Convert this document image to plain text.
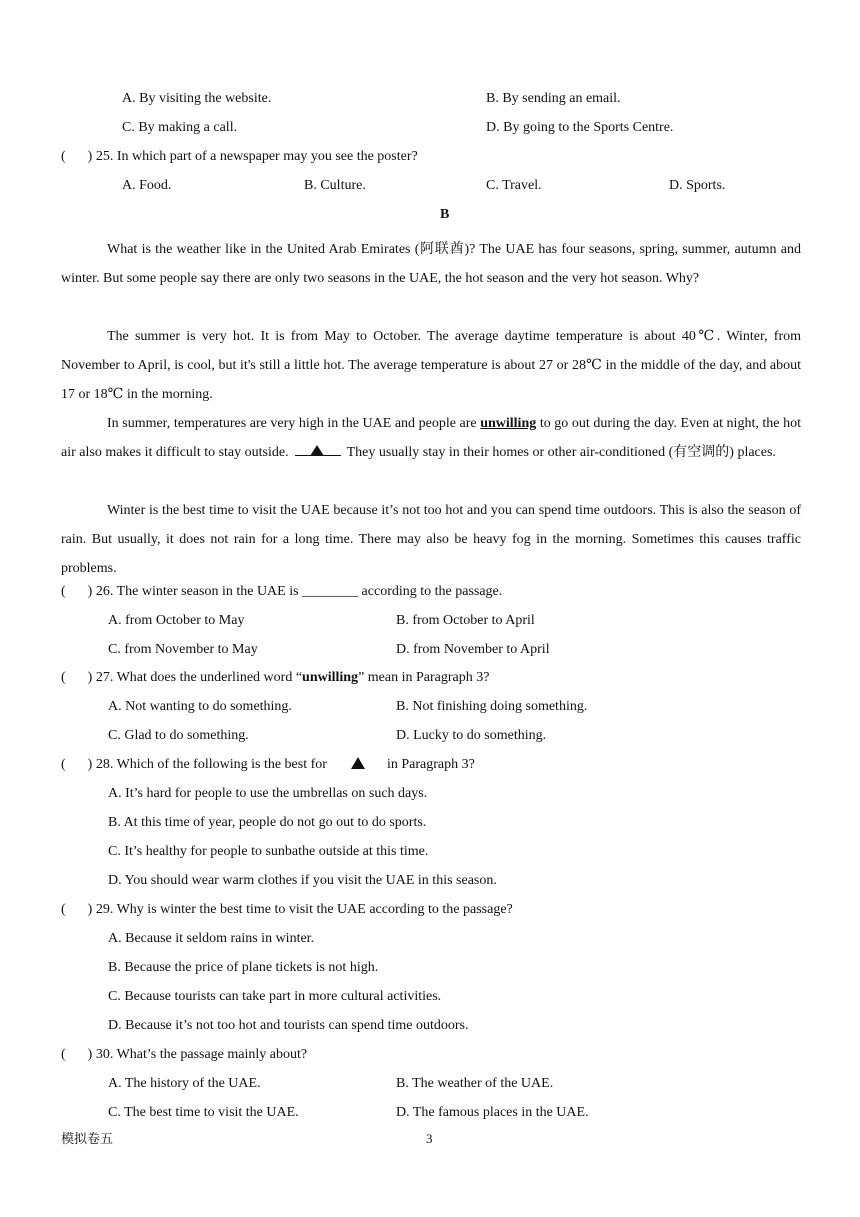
A. By visiting the website.	B. By sending an email.
C. By making a call.	D. By going to the Sports Centre.
( ) 25. In which part of a newspaper may you see the poster?
A. Food.	B. Culture.	C. Travel.	D. Sports.
B
What is the weather like in the United Arab Emirates (阿联酋)? The UAE has four seasons, spring, summer, autumn and winter. But some people say there are only two seasons in the UAE, the hot season and the very hot season. Why?
The summer is very hot. It is from May to October. The average daytime temperature is about 40℃. Winter, from November to April, is cool, but it's still a little hot. The average temperature is about 27 or 28℃ in the middle of the day, and about 17 or 18℃ in the morning.
In summer, temperatures are very high in the UAE and people are unwilling to go out during the day. Even at night, the hot air also makes it difficult to stay outside.	They usually stay in their homes or other air-conditioned (有空调的) places.
Winter is the best time to visit the UAE because it’s not too hot and you can spend time outdoors. This is also the season of rain. But usually, it does not rain for a long time. There may also be heavy fog in the morning. Sometimes this causes traffic problems.
( ) 26. The winter season in the UAE is ________ according to the passage.
A. from October to May	B. from October to April
C. from November to May	D. from November to April
( ) 27. What does the underlined word “unwilling” mean in Paragraph 3?
A. Not wanting to do something.	B. Not finishing doing something.
C. Glad to do something.	D. Lucky to do something.
( ) 28. Which of the following is the best for	in Paragraph 3?
A. It’s hard for people to use the umbrellas on such days.
B. At this time of year, people do not go out to do sports.
C. It’s healthy for people to sunbathe outside at this time.
D. You should wear warm clothes if you visit the UAE in this season.
( ) 29. Why is winter the best time to visit the UAE according to the passage?
A. Because it seldom rains in winter.
B. Because the price of plane tickets is not high.
C. Because tourists can take part in more cultural activities.
D. Because it’s not too hot and tourists can spend time outdoors.
( ) 30. What’s the passage mainly about?
A. The history of the UAE.	B. The weather of the UAE.
C. The best time to visit the UAE.	D. The famous places in the UAE.
模拟卷五	3
